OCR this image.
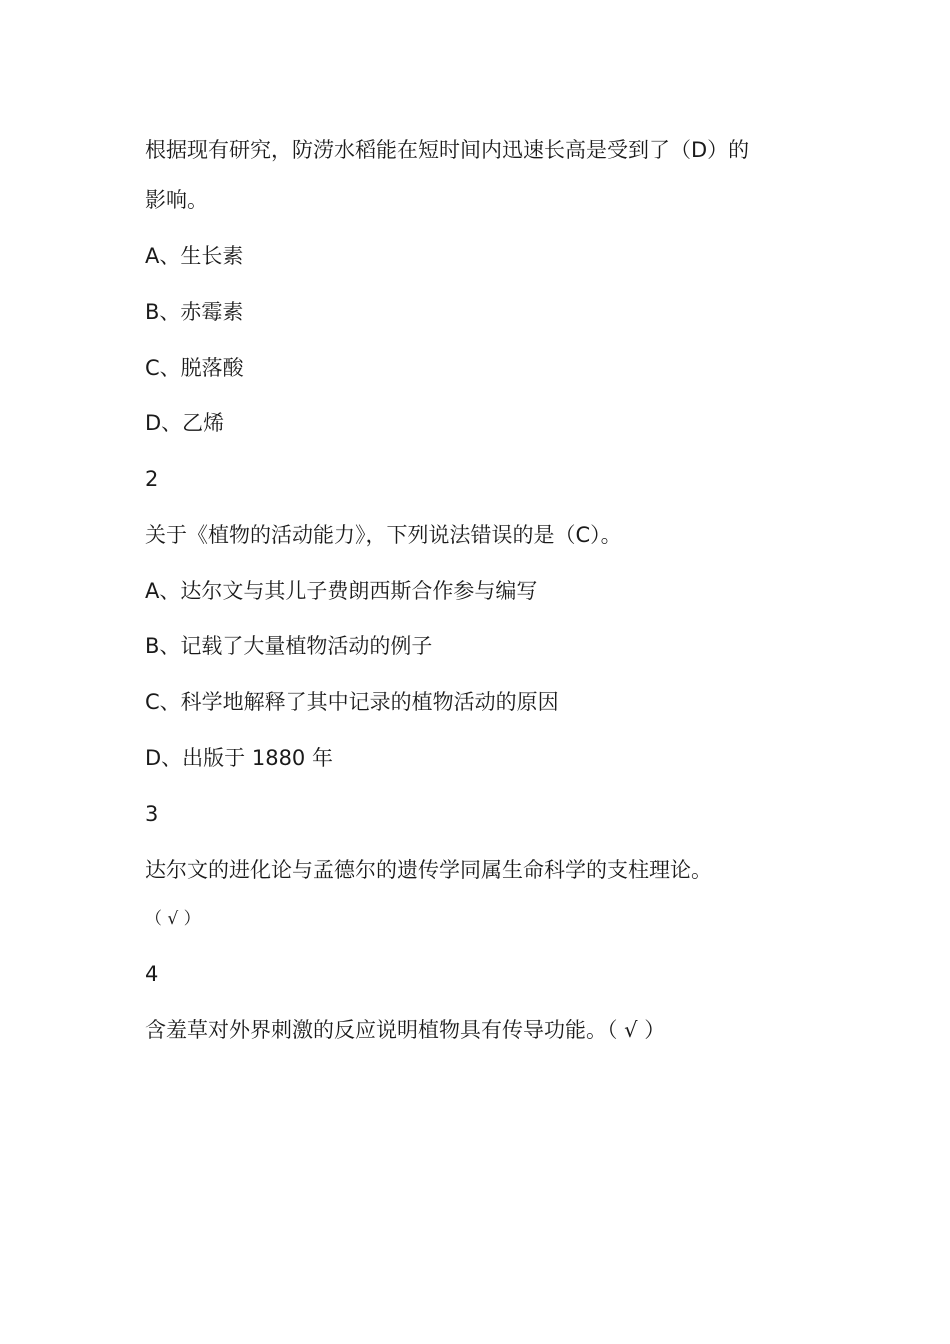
根据现有研究，防涝水稻能在短时间内迅速长高是受到了（D）的
影响。
A、生长素
B、赤霉素
C、脱落酸
D、乙烯
2
关于《植物的活动能力》，下列说法错误的是（C）。
A、达尔文与其儿子费朗西斯合作参与编写
B、记载了大量植物活动的例子
C、科学地解释了其中记录的植物活动的原因
D、出版于 1880 年
3
达尔文的进化论与孟德尔的遗传学同属生命科学的支柱理论。
（ √ ）
4
含羞草对外界刺激的反应说明植物具有传导功能。（ √ ）
